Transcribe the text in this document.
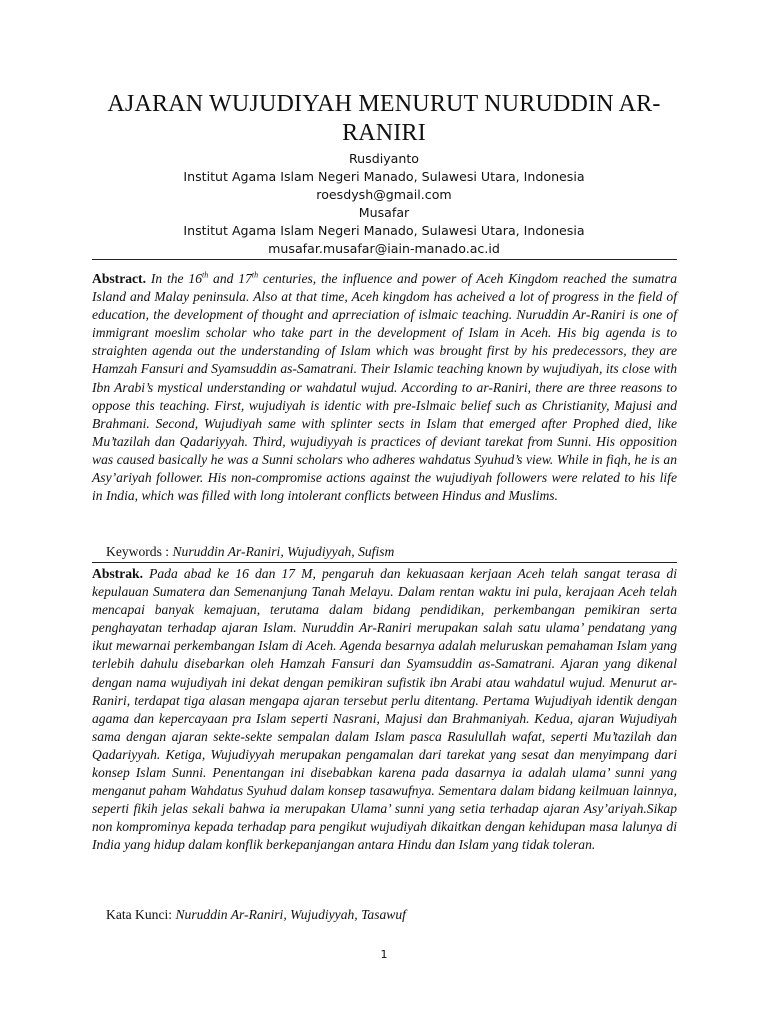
AJARAN WUJUDIYAH MENURUT NURUDDIN AR-RANIRI
Rusdiyanto
Institut Agama Islam Negeri Manado, Sulawesi Utara, Indonesia
roesdysh@gmail.com
Musafar
Institut Agama Islam Negeri Manado, Sulawesi Utara, Indonesia
musafar.musafar@iain-manado.ac.id

Abstract. In the 16th and 17th centuries, the influence and power of Aceh Kingdom reached the sumatra Island and Malay peninsula. Also at that time, Aceh kingdom has acheived a lot of progress in the field of education, the development of thought and aprreciation of islmaic teaching. Nuruddin Ar-Raniri is one of immigrant moeslim scholar who take part in the development of Islam in Aceh. His big agenda is to straighten agenda out the understanding of Islam which was brought first by his predecessors, they are Hamzah Fansuri and Syamsuddin as-Samatrani. Their Islamic teaching known by wujudiyah, its close with Ibn Arabi’s mystical understanding or wahdatul wujud. According to ar-Raniri, there are three reasons to oppose this teaching. First, wujudiyah is identic with pre-Islmaic belief such as Christianity, Majusi and Brahmani. Second, Wujudiyah same with splinter sects in Islam that emerged after Prophed died, like Mu’tazilah dan Qadariyyah. Third, wujudiyyah is practices of deviant tarekat from Sunni. His opposition was caused basically he was a Sunni scholars who adheres wahdatus Syuhud’s view. While in fiqh, he is an Asy’ariyah follower. His non-compromise actions against the wujudiyah followers were related to his life in India, which was filled with long intolerant conflicts between Hindus and Muslims.

Keywords : Nuruddin Ar-Raniri, Wujudiyyah, Sufism

Abstrak. Pada abad ke 16 dan 17 M, pengaruh dan kekuasaan kerjaan Aceh telah sangat terasa di kepulauan Sumatera dan Semenanjung Tanah Melayu. Dalam rentan waktu ini pula, kerajaan Aceh telah mencapai banyak kemajuan, terutama dalam bidang pendidikan, perkembangan pemikiran serta penghayatan terhadap ajaran Islam. Nuruddin Ar-Raniri merupakan salah satu ulama’ pendatang yang ikut mewarnai perkembangan Islam di Aceh. Agenda besarnya adalah meluruskan pemahaman Islam yang terlebih dahulu disebarkan oleh Hamzah Fansuri dan Syamsuddin as-Samatrani. Ajaran yang dikenal dengan nama wujudiyah ini dekat dengan pemikiran sufistik ibn Arabi atau wahdatul wujud. Menurut ar-Raniri, terdapat tiga alasan mengapa ajaran tersebut perlu ditentang. Pertama Wujudiyah identik dengan agama dan kepercayaan pra Islam seperti Nasrani, Majusi dan Brahmaniyah. Kedua, ajaran Wujudiyah sama dengan ajaran sekte-sekte sempalan dalam Islam pasca Rasulullah wafat, seperti Mu’tazilah dan Qadariyyah. Ketiga, Wujudiyyah merupakan pengamalan dari tarekat yang sesat dan menyimpang dari konsep Islam Sunni. Penentangan ini disebabkan karena pada dasarnya ia adalah ulama’ sunni yang menganut paham Wahdatus Syuhud dalam konsep tasawufnya. Sementara dalam bidang keilmuan lainnya, seperti fikih jelas sekali bahwa ia merupakan Ulama’ sunni yang setia terhadap ajaran Asy’ariyah.Sikap non komprominya kepada terhadap para pengikut wujudiyah dikaitkan dengan kehidupan masa lalunya di India yang hidup dalam konflik berkepanjangan antara Hindu dan Islam yang tidak toleran.

Kata Kunci: Nuruddin Ar-Raniri, Wujudiyyah, Tasawuf

1
